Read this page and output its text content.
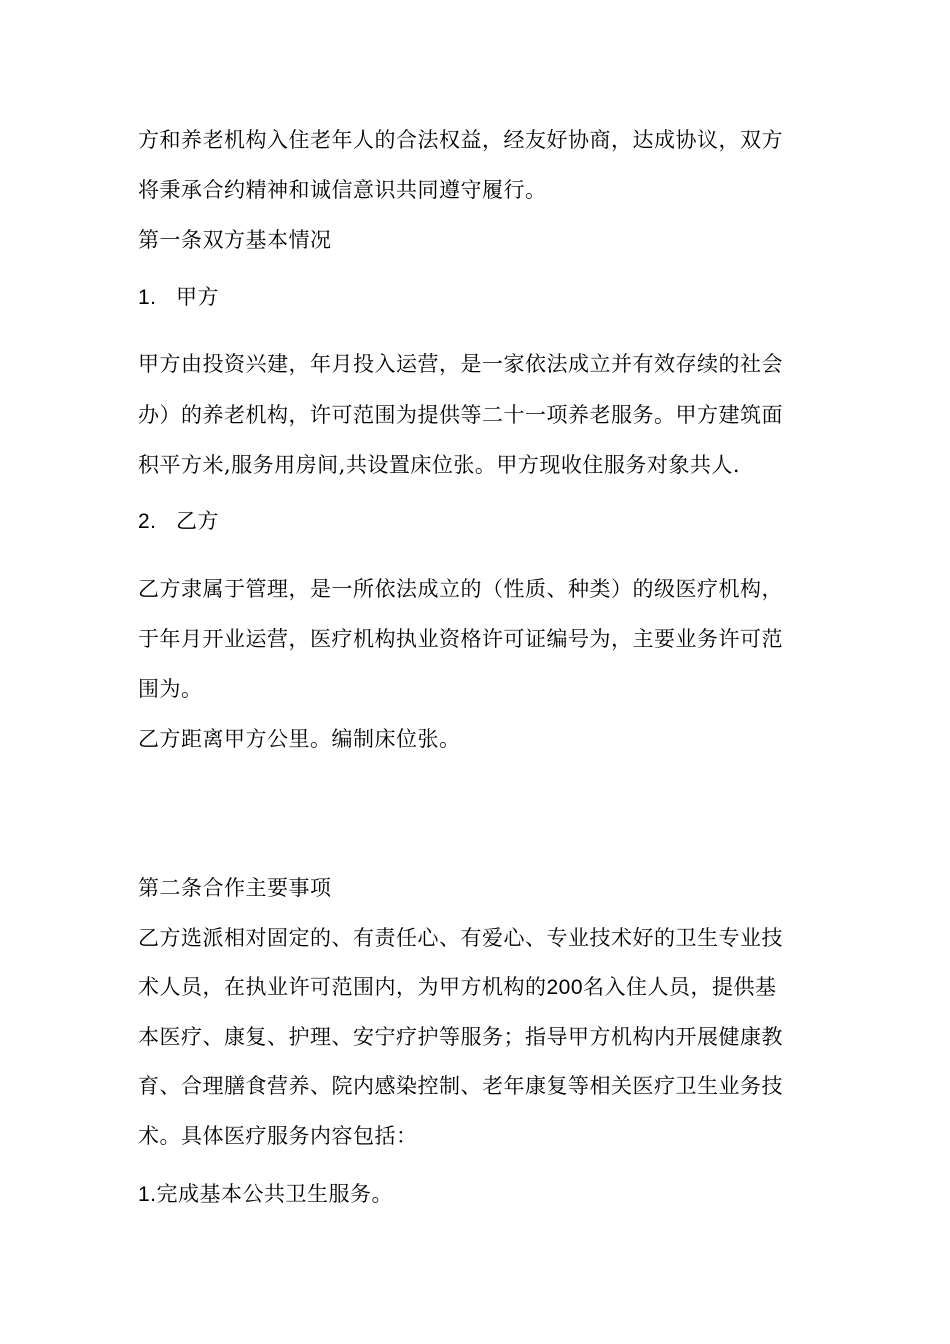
方和养老机构入住老年人的合法权益，经友好协商，达成协议，双方
将秉承合约精神和诚信意识共同遵守履行。
第一条双方基本情况
1. 甲方
甲方由投资兴建，年月投入运营，是一家依法成立并有效存续的社会
办）的养老机构，许可范围为提供等二十一项养老服务。甲方建筑面
积平方米,服务用房间,共设置床位张。甲方现收住服务对象共人.
2. 乙方
乙方隶属于管理，是一所依法成立的（性质、种类）的级医疗机构，
于年月开业运营，医疗机构执业资格许可证编号为，主要业务许可范
围为。
乙方距离甲方公里。编制床位张。
第二条合作主要事项
乙方选派相对固定的、有责任心、有爱心、专业技术好的卫生专业技
术人员，在执业许可范围内，为甲方机构的200名入住人员，提供基
本医疗、康复、护理、安宁疗护等服务；指导甲方机构内开展健康教
育、合理膳食营养、院内感染控制、老年康复等相关医疗卫生业务技
术。具体医疗服务内容包括：
1.完成基本公共卫生服务。
